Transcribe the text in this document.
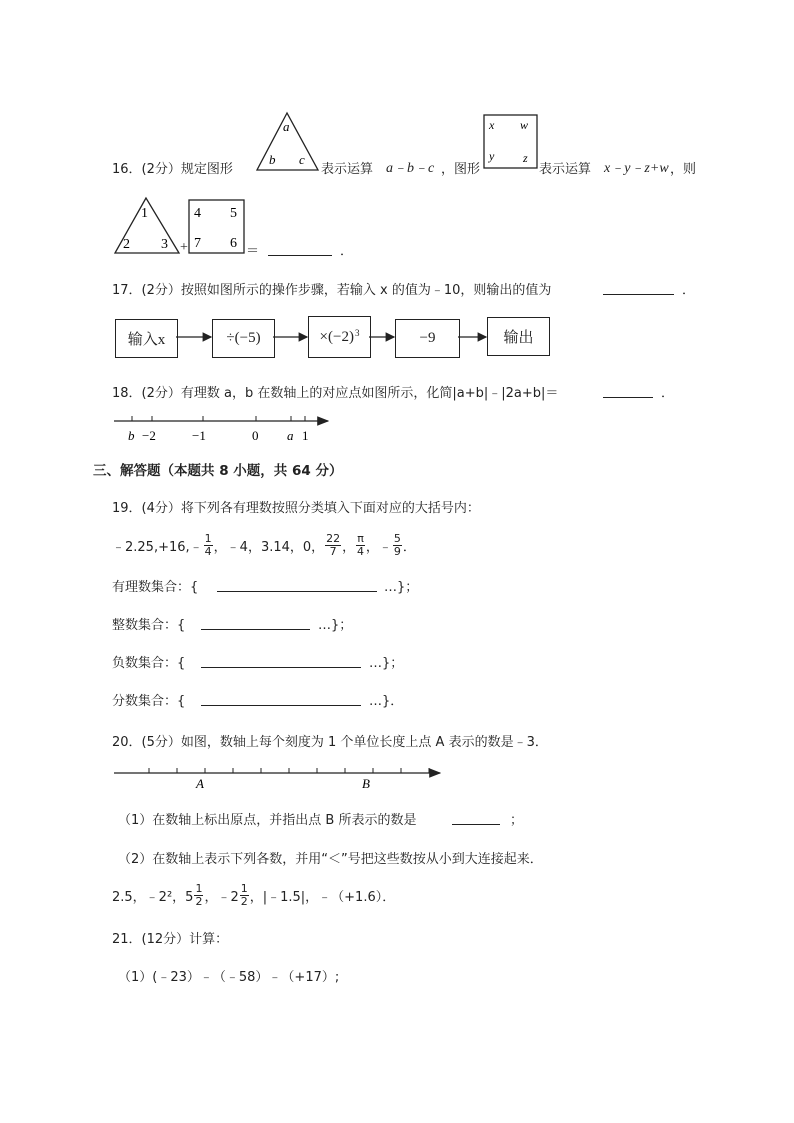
16．(2分）规定图形
a
b c
表示运算 a﹣b﹣c ，图形
x w
y z
表示运算 x﹣y﹣z+w ，则
1
2 3 +
4 5
7 6
＝	．
17．(2分）按照如图所示的操作步骤，若输入 x 的值为﹣10，则输出的值为	．
输入x	÷(−5)	$\times(-2)^3$	−9	输出
18．(2分）有理数 a，b 在数轴上的对应点如图所示，化简|a+b|﹣|2a+b|＝	．
b −2	−1	0 a 1
三、解答题（本题共 8 小题，共 64 分）
19．(4分）将下列各有理数按照分类填入下面对应的大括号内：
﹣2.25,+16, ﹣ $\frac{1}{4}$ ，﹣4，3.14，0， $\frac{22}{7}$ ， $\frac{\pi}{4}$ ，﹣ $\frac{5}{9}$ ．
有理数集合：{	…}；
整数集合：{	…}；
负数集合：{	…}；
分数集合：{	…}．
20．(5分）如图，数轴上每个刻度为 1 个单位长度上点 A 表示的数是﹣3．
A	B
（1）在数轴上标出原点，并指出点 B 所表示的数是	；
（2）在数轴上表示下列各数，并用“＜”号把这些数按从小到大连接起来．
2.5，﹣2²，$5 \frac{1}{2}$ ，﹣2 $\frac{1}{2}$ ，|﹣1.5|，﹣（+1.6）．
21．(12分）计算：
（1）(﹣23）﹣（﹣58）﹣（+17）;
